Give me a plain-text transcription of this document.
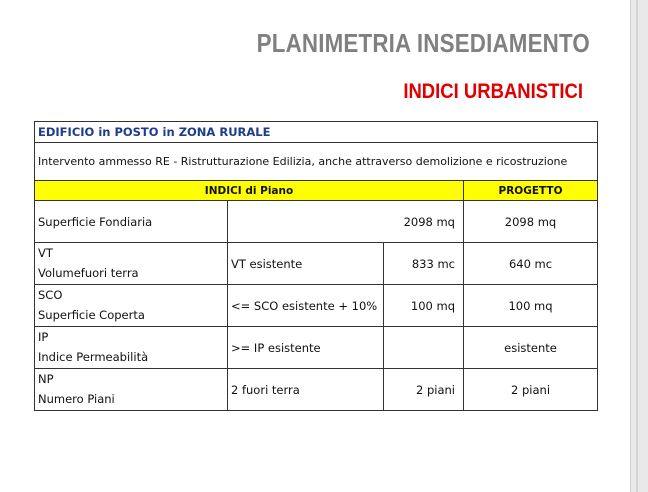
PLANIMETRIA INSEDIAMENTO
INDICI URBANISTICI
EDIFICIO in POSTO in ZONA RURALE			
Intervento ammesso RE - Ristrutturazione Edilizia, anche attraverso demolizione e ricostruzione			
INDICI di Piano			PROGETTO
Superficie Fondiaria	2098 mq		2098 mq
VT
Volumefuori terra	VT esistente	833 mc	640 mc
SCO
Superficie Coperta	<= SCO esistente + 10%	100 mq	100 mq
IP
Indice Permeabilità	>= IP esistente		esistente
NP
Numero Piani	2 fuori terra	2 piani	2 piani
